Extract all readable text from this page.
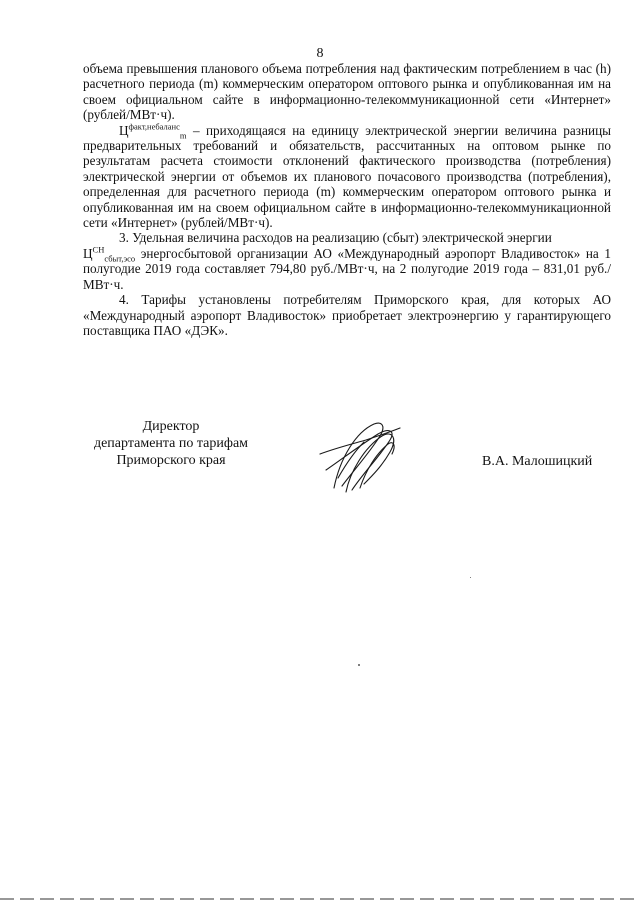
8

объема превышения планового объема потребления над фактическим потреблением в час (h) расчетного периода (m) коммерческим оператором оптового рынка и опубликованная им на своем официальном сайте в информационно-телекоммуникационной сети «Интернет» (рублей/МВт·ч).

$Ц^{факт,небаланс}_m$ – приходящаяся на единицу электрической энергии величина разницы предварительных требований и обязательств, рассчитанных на оптовом рынке по результатам расчета стоимости отклонений фактического производства (потребления) электрической энергии от объемов их планового почасового производства (потребления), определенная для расчетного периода (m) коммерческим оператором оптового рынка и опубликованная им на своем официальном сайте в информационно-телекоммуникационной сети «Интернет» (рублей/МВт·ч).

3. Удельная величина расходов на реализацию (сбыт) электрической энергии
$Ц^{СН}_{сбыт,эсо}$ энергосбытовой организации АО «Международный аэропорт Владивосток» на 1 полугодие 2019 года составляет 794,80 руб./МВт·ч, на 2 полугодие 2019 года – 831,01 руб./МВт·ч.

4. Тарифы установлены потребителям Приморского края, для которых АО «Международный аэропорт Владивосток» приобретает электроэнергию у гарантирующего поставщика ПАО «ДЭК».

Директор
департамента по тарифам
Приморского края	В.А. Малошицкий
